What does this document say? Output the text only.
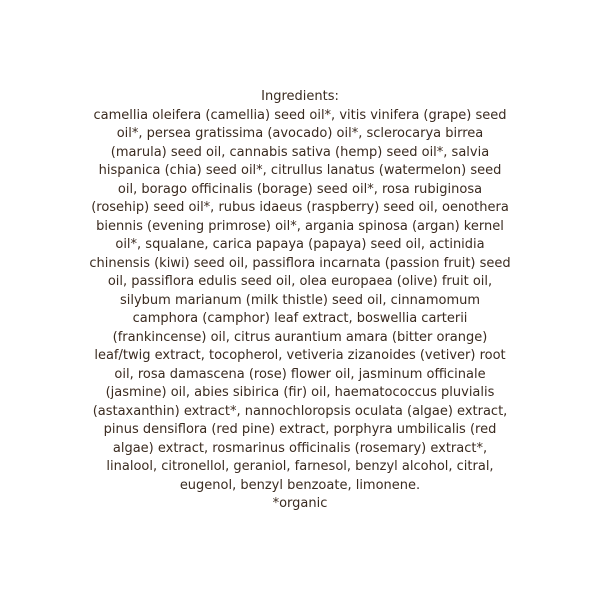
Ingredients:
camellia oleifera (camellia) seed oil*, vitis vinifera (grape) seed
oil*, persea gratissima (avocado) oil*, sclerocarya birrea
(marula) seed oil, cannabis sativa (hemp) seed oil*, salvia
hispanica (chia) seed oil*, citrullus lanatus (watermelon) seed
oil, borago officinalis (borage) seed oil*, rosa rubiginosa
(rosehip) seed oil*, rubus idaeus (raspberry) seed oil, oenothera
biennis (evening primrose) oil*, argania spinosa (argan) kernel
oil*, squalane, carica papaya (papaya) seed oil, actinidia
chinensis (kiwi) seed oil, passiflora incarnata (passion fruit) seed
oil, passiflora edulis seed oil, olea europaea (olive) fruit oil,
silybum marianum (milk thistle) seed oil, cinnamomum
camphora (camphor) leaf extract, boswellia carterii
(frankincense) oil, citrus aurantium amara (bitter orange)
leaf/twig extract, tocopherol, vetiveria zizanoides (vetiver) root
oil, rosa damascena (rose) flower oil, jasminum officinale
(jasmine) oil, abies sibirica (fir) oil, haematococcus pluvialis
(astaxanthin) extract*, nannochloropsis oculata (algae) extract,
pinus densiflora (red pine) extract, porphyra umbilicalis (red
algae) extract, rosmarinus officinalis (rosemary) extract*,
linalool, citronellol, geraniol, farnesol, benzyl alcohol, citral,
eugenol, benzyl benzoate, limonene.
*organic
